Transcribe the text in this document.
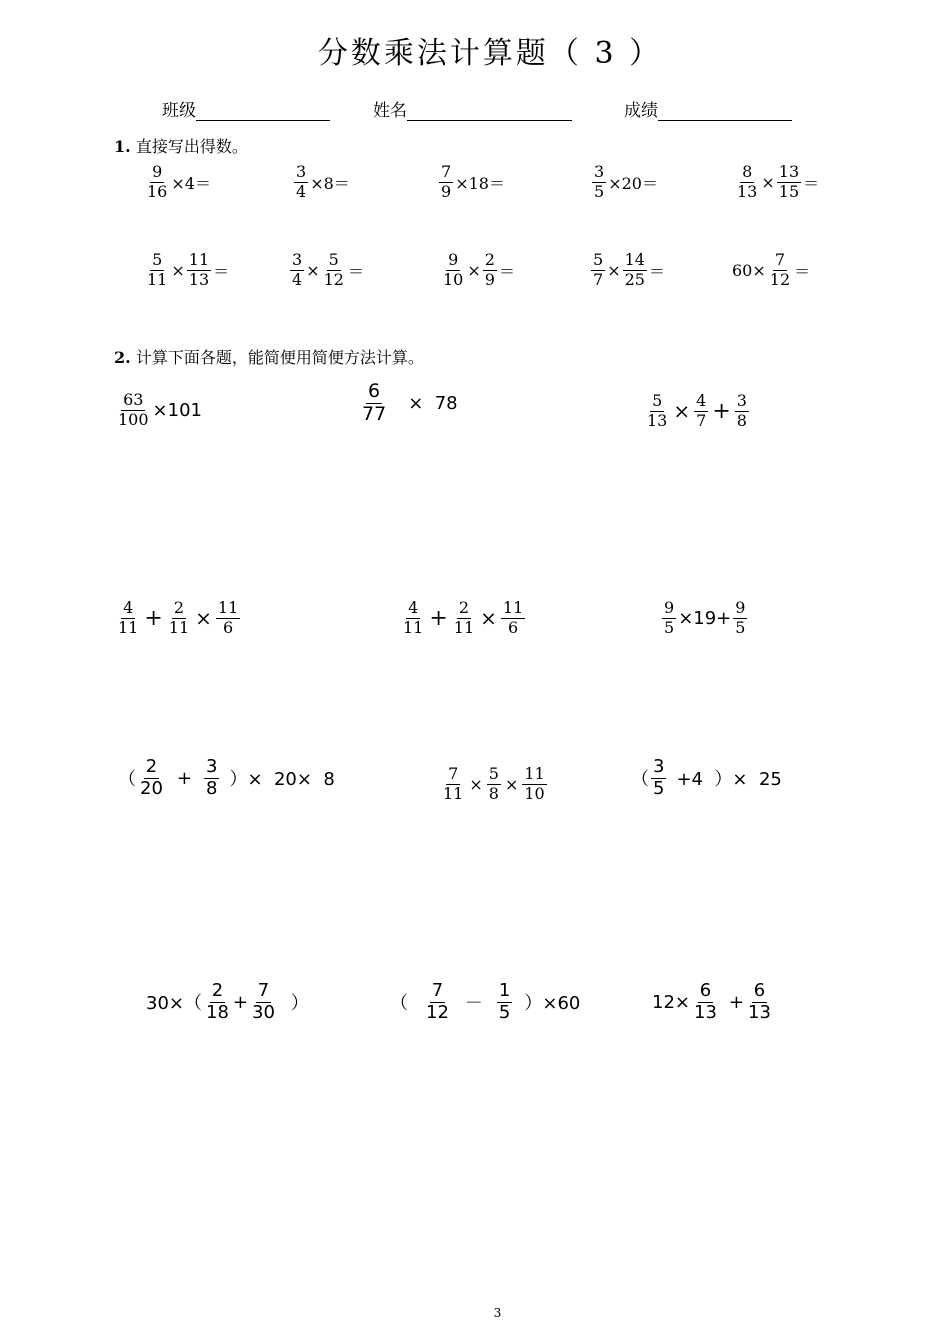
分数乘法计算题（ 3 ）
班级	姓名	成绩
1. 直接写出得数。
$\frac{9}{16} \times 4=$	$\frac{3}{4} \times 8=$	$\frac{7}{9} \times 18=$	$\frac{3}{5} \times 20=$	$\frac{8}{13} \times \frac{13}{15}$ ＝
$\frac{5}{11} \times \frac{11}{13}$ ＝	$\frac{3}{4} \times \frac{5}{12}$ ＝	$\frac{9}{10} \times \frac{2}{9}$ ＝	$\frac{5}{7} \times \frac{14}{25}$ ＝	$60\times \frac{7}{12}$ ＝
2. 计算下面各题，能简便用简便方法计算。
$\frac{63}{100} \times 101$	$\frac{6}{77} \times 78$	$\frac{5}{13} \times \frac{4}{7} + \frac{3}{8}$
$\frac{4}{11} + \frac{2}{11} \times \frac{11}{6}$	$\frac{4}{11} + \frac{2}{11} \times \frac{11}{6}$	$\frac{9}{5} \times 19+ \frac{9}{5}$
（ $\frac{2}{20} + \frac{3}{8}$ ）×  20×  8	$\frac{7}{11} \times \frac{5}{8} \times \frac{11}{10}$	（ $\frac{3}{5} +4$  ）×  25
$30\times( \frac{2}{18} + \frac{7}{30}$ ）	（ $\frac{7}{12} - \frac{1}{5} )\times 60$	$12\times \frac{6}{13} + \frac{6}{13}$
3
